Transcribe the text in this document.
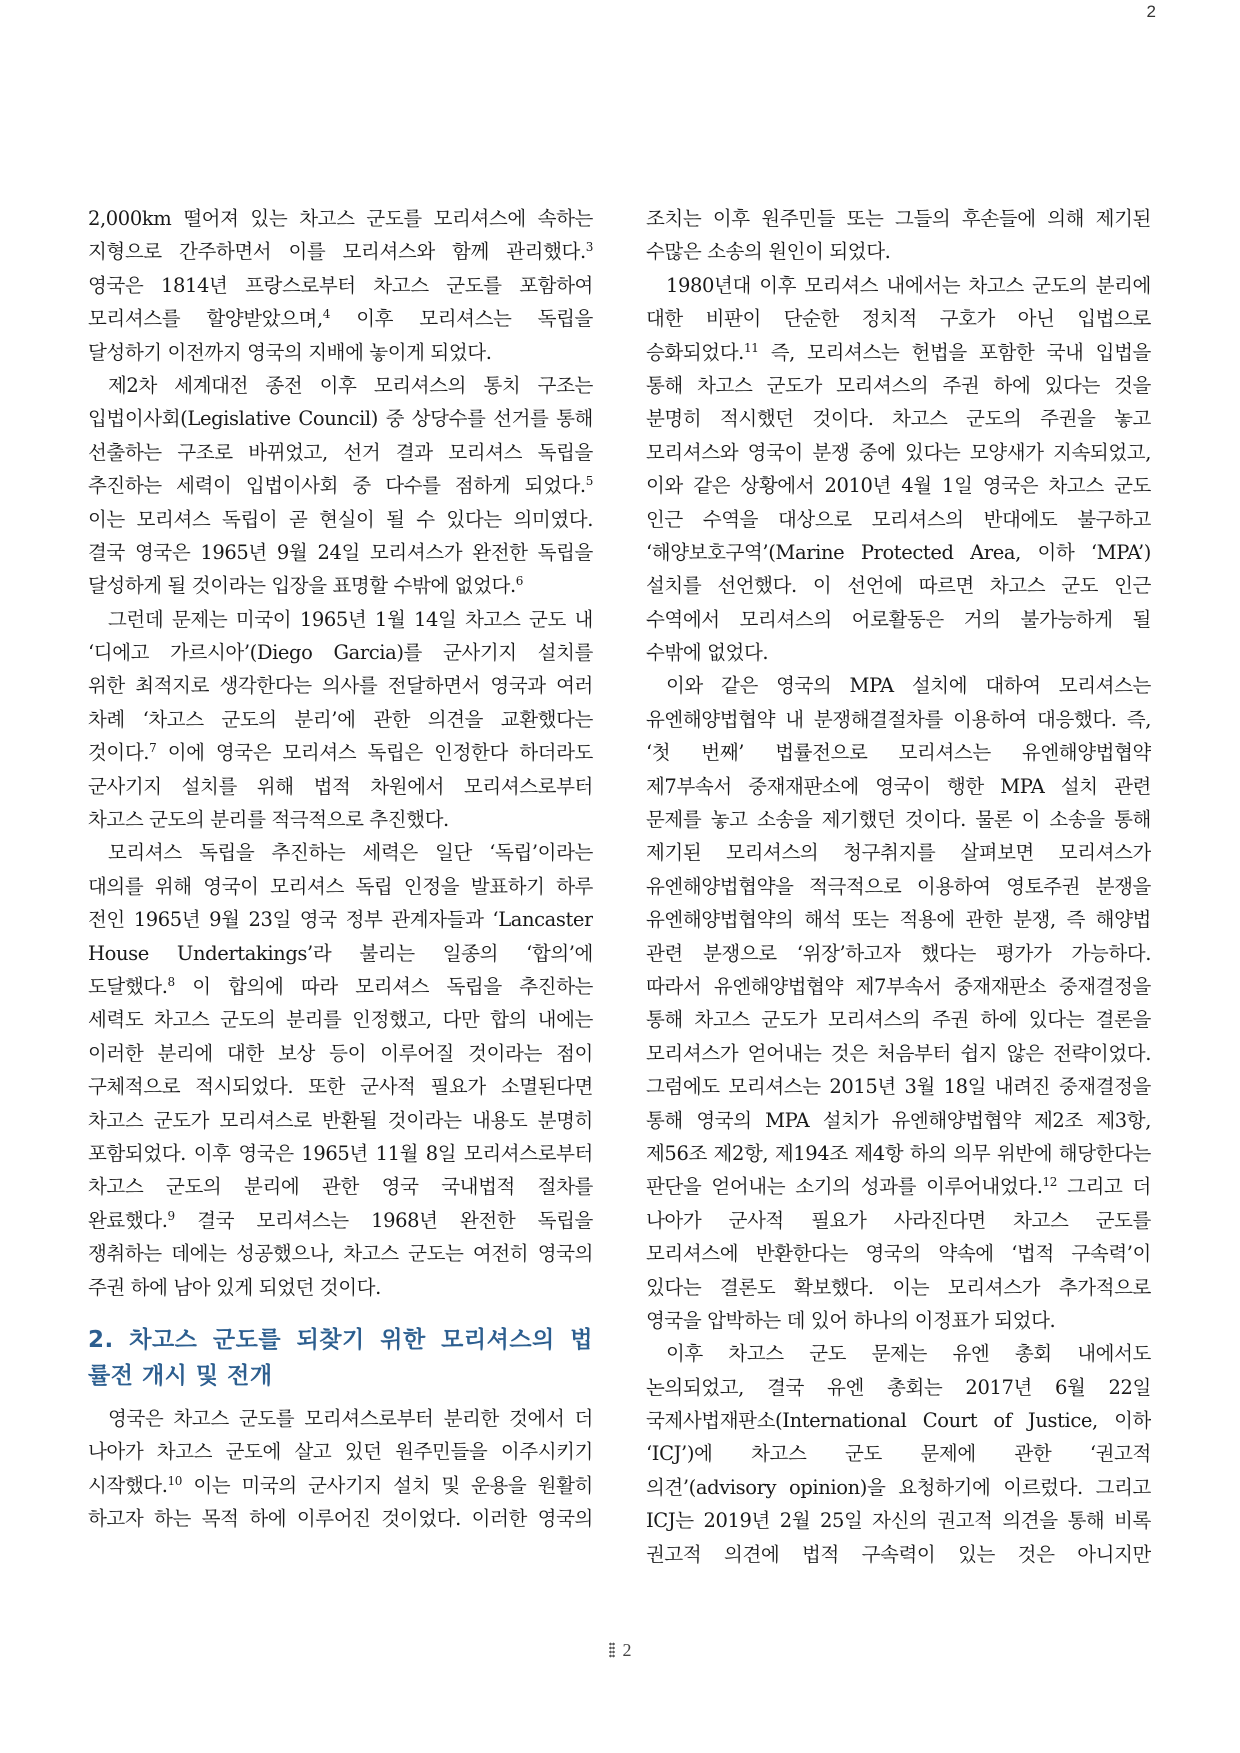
2
2,000km 떨어져 있는 차고스 군도를 모리셔스에 속하는
지형으로 간주하면서 이를 모리셔스와 함께 관리했다.$^3$
영국은 1814년 프랑스로부터 차고스 군도를 포함하여
모리셔스를 할양받았으며,$^4$ 이후 모리셔스는 독립을
달성하기 이전까지 영국의 지배에 놓이게 되었다.
제2차 세계대전 종전 이후 모리셔스의 통치 구조는
입법이사회(Legislative Council) 중 상당수를 선거를 통해
선출하는 구조로 바뀌었고, 선거 결과 모리셔스 독립을
추진하는 세력이 입법이사회 중 다수를 점하게 되었다.$^5$
이는 모리셔스 독립이 곧 현실이 될 수 있다는 의미였다.
결국 영국은 1965년 9월 24일 모리셔스가 완전한 독립을
달성하게 될 것이라는 입장을 표명할 수밖에 없었다.$^6$
그런데 문제는 미국이 1965년 1월 14일 차고스 군도 내
‘디에고 가르시아’(Diego Garcia)를 군사기지 설치를
위한 최적지로 생각한다는 의사를 전달하면서 영국과 여러
차례 ‘차고스 군도의 분리’에 관한 의견을 교환했다는
것이다.$^7$ 이에 영국은 모리셔스 독립은 인정한다 하더라도
군사기지 설치를 위해 법적 차원에서 모리셔스로부터
차고스 군도의 분리를 적극적으로 추진했다.
모리셔스 독립을 추진하는 세력은 일단 ‘독립’이라는
대의를 위해 영국이 모리셔스 독립 인정을 발표하기 하루
전인 1965년 9월 23일 영국 정부 관계자들과 ‘Lancaster
House Undertakings’라 불리는 일종의 ‘합의’에
도달했다.$^8$ 이 합의에 따라 모리셔스 독립을 추진하는
세력도 차고스 군도의 분리를 인정했고, 다만 합의 내에는
이러한 분리에 대한 보상 등이 이루어질 것이라는 점이
구체적으로 적시되었다. 또한 군사적 필요가 소멸된다면
차고스 군도가 모리셔스로 반환될 것이라는 내용도 분명히
포함되었다. 이후 영국은 1965년 11월 8일 모리셔스로부터
차고스 군도의 분리에 관한 영국 국내법적 절차를
완료했다.$^9$ 결국 모리셔스는 1968년 완전한 독립을
쟁취하는 데에는 성공했으나, 차고스 군도는 여전히 영국의
주권 하에 남아 있게 되었던 것이다.
2. 차고스 군도를 되찾기 위한 모리셔스의 법
률전 개시 및 전개
영국은 차고스 군도를 모리셔스로부터 분리한 것에서 더
나아가 차고스 군도에 살고 있던 원주민들을 이주시키기
시작했다.$^{10}$ 이는 미국의 군사기지 설치 및 운용을 원활히
하고자 하는 목적 하에 이루어진 것이었다. 이러한 영국의
조치는 이후 원주민들 또는 그들의 후손들에 의해 제기된
수많은 소송의 원인이 되었다.
1980년대 이후 모리셔스 내에서는 차고스 군도의 분리에
대한 비판이 단순한 정치적 구호가 아닌 입법으로
승화되었다.$^{11}$ 즉, 모리셔스는 헌법을 포함한 국내 입법을
통해 차고스 군도가 모리셔스의 주권 하에 있다는 것을
분명히 적시했던 것이다. 차고스 군도의 주권을 놓고
모리셔스와 영국이 분쟁 중에 있다는 모양새가 지속되었고,
이와 같은 상황에서 2010년 4월 1일 영국은 차고스 군도
인근 수역을 대상으로 모리셔스의 반대에도 불구하고
‘해양보호구역’(Marine Protected Area, 이하 ‘MPA’)
설치를 선언했다. 이 선언에 따르면 차고스 군도 인근
수역에서 모리셔스의 어로활동은 거의 불가능하게 될
수밖에 없었다.
이와 같은 영국의 MPA 설치에 대하여 모리셔스는
유엔해양법협약 내 분쟁해결절차를 이용하여 대응했다. 즉,
‘첫 번째’ 법률전으로 모리셔스는 유엔해양법협약
제7부속서 중재재판소에 영국이 행한 MPA 설치 관련
문제를 놓고 소송을 제기했던 것이다. 물론 이 소송을 통해
제기된 모리셔스의 청구취지를 살펴보면 모리셔스가
유엔해양법협약을 적극적으로 이용하여 영토주권 분쟁을
유엔해양법협약의 해석 또는 적용에 관한 분쟁, 즉 해양법
관련 분쟁으로 ‘위장’하고자 했다는 평가가 가능하다.
따라서 유엔해양법협약 제7부속서 중재재판소 중재결정을
통해 차고스 군도가 모리셔스의 주권 하에 있다는 결론을
모리셔스가 얻어내는 것은 처음부터 쉽지 않은 전략이었다.
그럼에도 모리셔스는 2015년 3월 18일 내려진 중재결정을
통해 영국의 MPA 설치가 유엔해양법협약 제2조 제3항,
제56조 제2항, 제194조 제4항 하의 의무 위반에 해당한다는
판단을 얻어내는 소기의 성과를 이루어내었다.$^{12}$ 그리고 더
나아가 군사적 필요가 사라진다면 차고스 군도를
모리셔스에 반환한다는 영국의 약속에 ‘법적 구속력’이
있다는 결론도 확보했다. 이는 모리셔스가 추가적으로
영국을 압박하는 데 있어 하나의 이정표가 되었다.
이후 차고스 군도 문제는 유엔 총회 내에서도
논의되었고, 결국 유엔 총회는 2017년 6월 22일
국제사법재판소(International Court of Justice, 이하
‘ICJ’)에 차고스 군도 문제에 관한 ‘권고적
의견’(advisory opinion)을 요청하기에 이르렀다. 그리고
ICJ는 2019년 2월 25일 자신의 권고적 의견을 통해 비록
권고적 의견에 법적 구속력이 있는 것은 아니지만
2
